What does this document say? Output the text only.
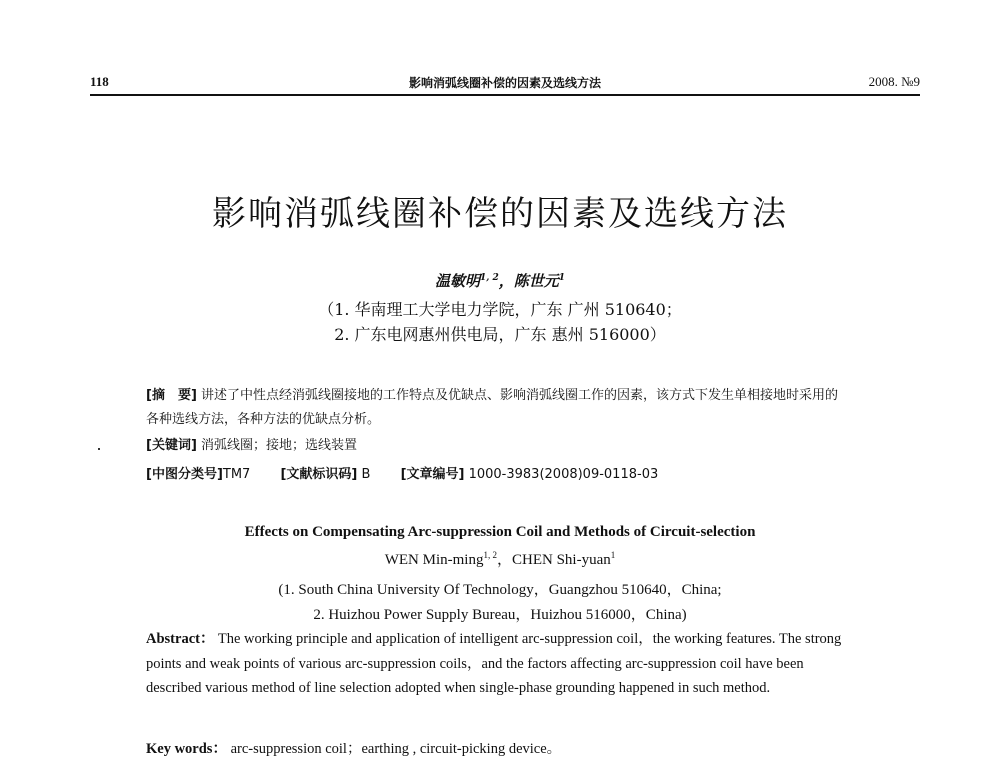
118	影响消弧线圈补偿的因素及选线方法	2008. №9
影响消弧线圈补偿的因素及选线方法
温敏明$^{1, 2}$，陈世元$^1$
（1. 华南理工大学电力学院，广东 广州 510640；
2. 广东电网惠州供电局，广东 惠州 516000）
[摘　要] 讲述了中性点经消弧线圈接地的工作特点及优缺点、影响消弧线圈工作的因素，该方式下发生单相接地时采用的各种选线方法，各种方法的优缺点分析。
[关键词] 消弧线圈；接地；选线装置
[中图分类号]TM7 [文献标识码] B [文章编号] 1000-3983(2008)09-0118-03
Effects on Compensating Arc-suppression Coil and Methods of Circuit-selection
WEN Min-ming$^{1, 2}$，CHEN Shi-yuan$^1$
(1. South China University Of Technology，Guangzhou 510640，China;
2. Huizhou Power Supply Bureau，Huizhou 516000，China)
Abstract： The working principle and application of intelligent arc-suppression coil，the working features. The strong points and weak points of various arc-suppression coils，and the factors affecting arc-suppression coil have been described various method of line selection adopted when single-phase grounding happened in such method.
Key words： arc-suppression coil；earthing , circuit-picking device。
